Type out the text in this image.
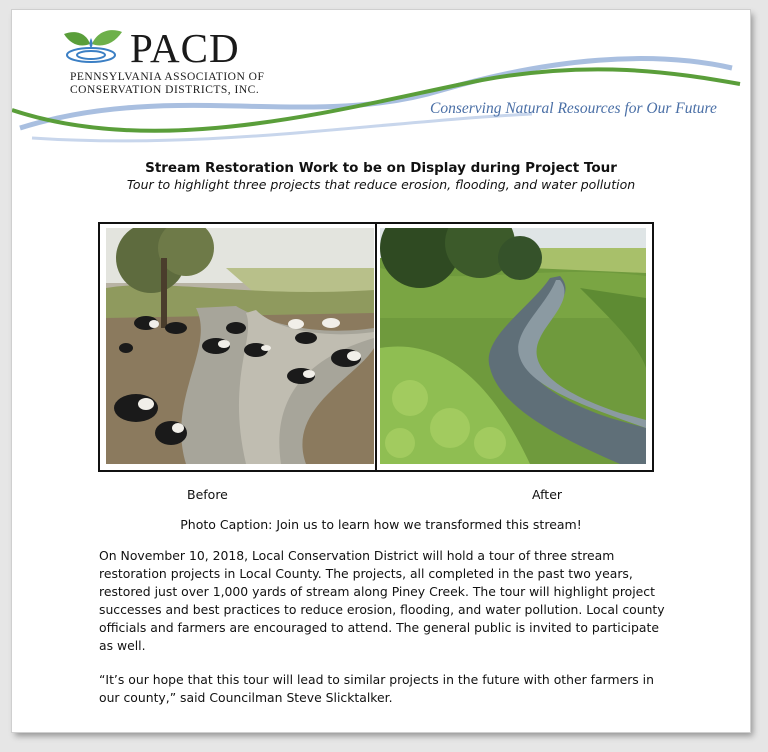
PACD
PENNSYLVANIA ASSOCIATION OF
CONSERVATION DISTRICTS, INC.
Conserving Natural Resources for Our Future
Stream Restoration Work to be on Display during Project Tour
Tour to highlight three projects that reduce erosion, flooding, and water pollution
Before	After
Photo Caption: Join us to learn how we transformed this stream!

On November 10, 2018, Local Conservation District will hold a tour of three stream restoration projects in Local County. The projects, all completed in the past two years, restored just over 1,000 yards of stream along Piney Creek. The tour will highlight project successes and best practices to reduce erosion, flooding, and water pollution. Local county officials and farmers are encouraged to attend. The general public is invited to participate as well.

“It’s our hope that this tour will lead to similar projects in the future with other farmers in our county,” said Councilman Steve Slicktalker.
